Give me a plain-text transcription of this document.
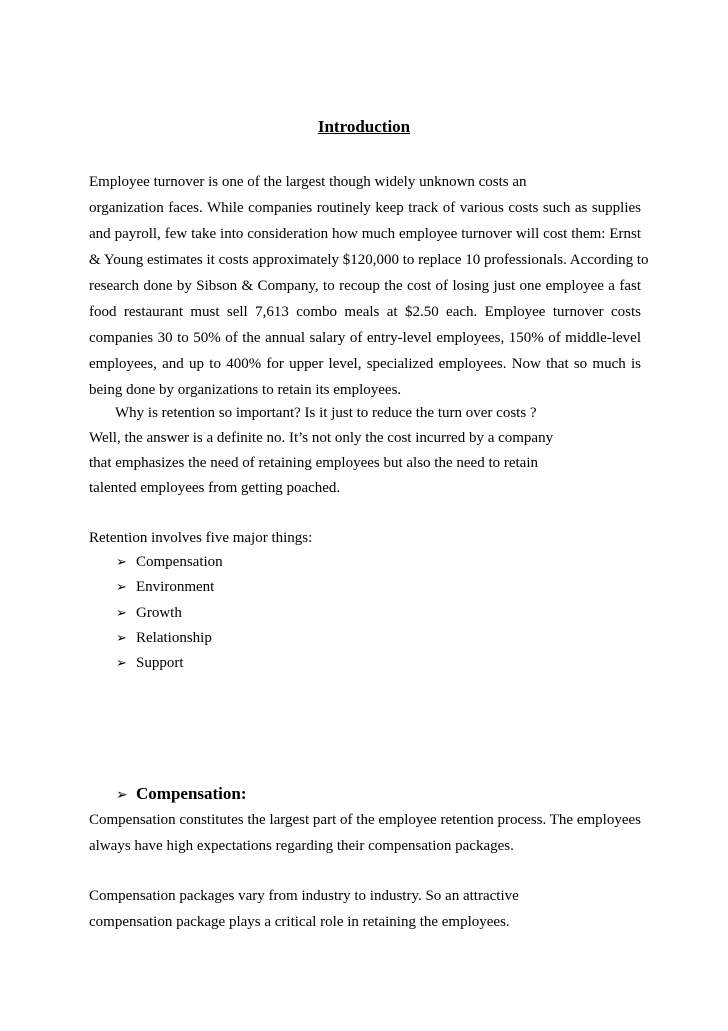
Introduction
Employee turnover is one of the largest though widely unknown costs an
organization faces. While companies routinely keep track of various costs such as supplies
and payroll, few take into consideration how much employee turnover will cost them: Ernst
& Young estimates it costs approximately $120,000 to replace 10 professionals. According to
research done by Sibson & Company, to recoup the cost of losing just one employee a fast
food restaurant must sell 7,613 combo meals at $2.50 each. Employee turnover costs
companies 30 to 50% of the annual salary of entry-level employees, 150% of middle-level
employees, and up to 400% for upper level, specialized employees. Now that so much is
being done by organizations to retain its employees.
Why is retention so important? Is it just to reduce the turn over costs ?
Well, the answer is a definite no. It’s not only the cost incurred by a company
that emphasizes the need of retaining employees but also the need to retain
talented employees from getting poached.
Retention involves five major things:
➢ Compensation
➢ Environment
➢ Growth
➢ Relationship
➢ Support
➢ Compensation:
Compensation constitutes the largest part of the employee retention process. The employees
always have high expectations regarding their compensation packages.
Compensation packages vary from industry to industry. So an attractive
compensation package plays a critical role in retaining the employees.
